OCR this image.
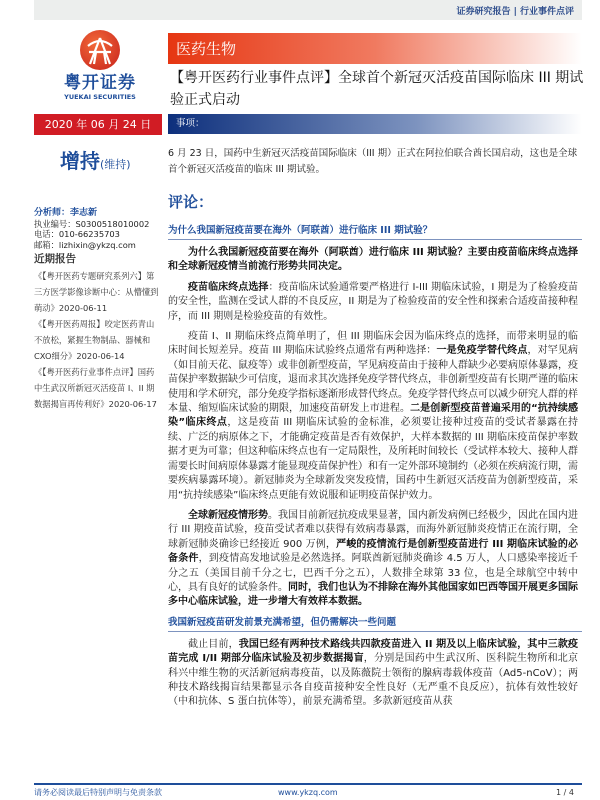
证券研究报告 | 行业事件点评
粤开证券
YUEKAI SECURITIES
医药生物
【粤开医药行业事件点评】全球首个新冠灭活疫苗国际临床 III 期试验正式启动
2020 年 06 月 24 日	事项：
增持(维持)
分析师：李志新
执业编号：S0300518010002
电话：010-66235703
邮箱：lizhixin@ykzq.com
近期报告
《【粤开医药专题研究系列六】第三方医学影像诊断中心：从懵懂到萌动》2020-06-11
《【粤开医药周报】咬定医药青山不放松，紧握生物制品、器械和CXO细分》2020-06-14
《【粤开医药行业事件点评】国药中生武汉所新冠灭活疫苗 I、II 期数据揭盲再传利好》2020-06-17
6 月 23 日，国药中生新冠灭活疫苗国际临床（III 期）正式在阿拉伯联合酋长国启动，这也是全球首个新冠灭活疫苗的临床 III 期试验。
评论：
为什么我国新冠疫苗要在海外（阿联酋）进行临床 III 期试验？

为什么我国新冠疫苗要在海外（阿联酋）进行临床 III 期试验？主要由疫苗临床终点选择和全球新冠疫情当前流行形势共同决定。

疫苗临床终点选择：疫苗临床试验通常要严格进行 I-III 期临床试验，I 期是为了检验疫苗的安全性，监测在受试人群的不良反应，II 期是为了检验疫苗的安全性和探索合适疫苗接种程序，而 III 期则是检验疫苗的有效性。

疫苗 I、II 期临床终点简单明了，但 III 期临床会因为临床终点的选择，而带来明显的临床时间长短差异。疫苗 III 期临床试验终点通常有两种选择：一是免疫学替代终点，对罕见病（如目前天花、鼠疫等）或非创新型疫苗，罕见病疫苗由于接种人群缺少必要病原体暴露，疫苗保护率数据缺少可信度，退而求其次选择免疫学替代终点，非创新型疫苗有长期严谨的临床使用和学术研究，部分免疫学指标逐渐形成替代终点。免疫学替代终点可以减少研究人群的样本量、缩短临床试验的期限，加速疫苗研发上市进程。二是创新型疫苗普遍采用的“抗持续感染”临床终点，这是疫苗 III 期临床试验的金标准，必须要让接种过疫苗的受试者暴露在持续、广泛的病原体之下，才能确定疫苗是否有效保护，大样本数据的 III 期临床疫苗保护率数据才更为可靠；但这种临床终点也有一定局限性，及所耗时间较长（受试样本较大、接种人群需要长时间病原体暴露才能显现疫苗保护性）和有一定外部环境制约（必须在疾病流行期，需要疾病暴露环境）。新冠肺炎为全球新发突发疫情，国药中生新冠灭活疫苗为创新型疫苗，采用“抗持续感染”临床终点更能有效说服和证明疫苗保护效力。

全球新冠疫情形势。我国目前新冠抗疫成果显著，国内新发病例已经极少，因此在国内进行 III 期疫苗试验，疫苗受试者难以获得有效病毒暴露，而海外新冠肺炎疫情正在流行期，全球新冠肺炎确诊已经接近 900 万例，严峻的疫情流行是创新型疫苗进行 III 期临床试验的必备条件，到疫情高发地试验是必然选择。阿联酋新冠肺炎确诊 4.5 万人，人口感染率接近千分之五（美国目前千分之七，巴西千分之五），人数排全球第 33 位，也是全球航空中转中心，具有良好的试验条件。同时，我们也认为不排除在海外其他国家如巴西等国开展更多国际多中心临床试验，进一步增大有效样本数据。

我国新冠疫苗研发前景充满希望，但仍需解决一些问题

截止目前，我国已经有两种技术路线共四款疫苗进入 II 期及以上临床试验，其中三款疫苗完成 I/II 期部分临床试验及初步数据揭盲，分别是国药中生武汉所、医科院生物所和北京科兴中维生物的灭活新冠病毒疫苗，以及陈薇院士领衔的腺病毒载体疫苗（Ad5-nCoV）；两种技术路线揭盲结果都显示各自疫苗接种安全性良好（无严重不良反应），抗体有效性较好（中和抗体、S 蛋白抗体等），前景充满希望。多款新冠疫苗从获

请务必阅读最后特别声明与免责条款	www.ykzq.com	1 / 4
